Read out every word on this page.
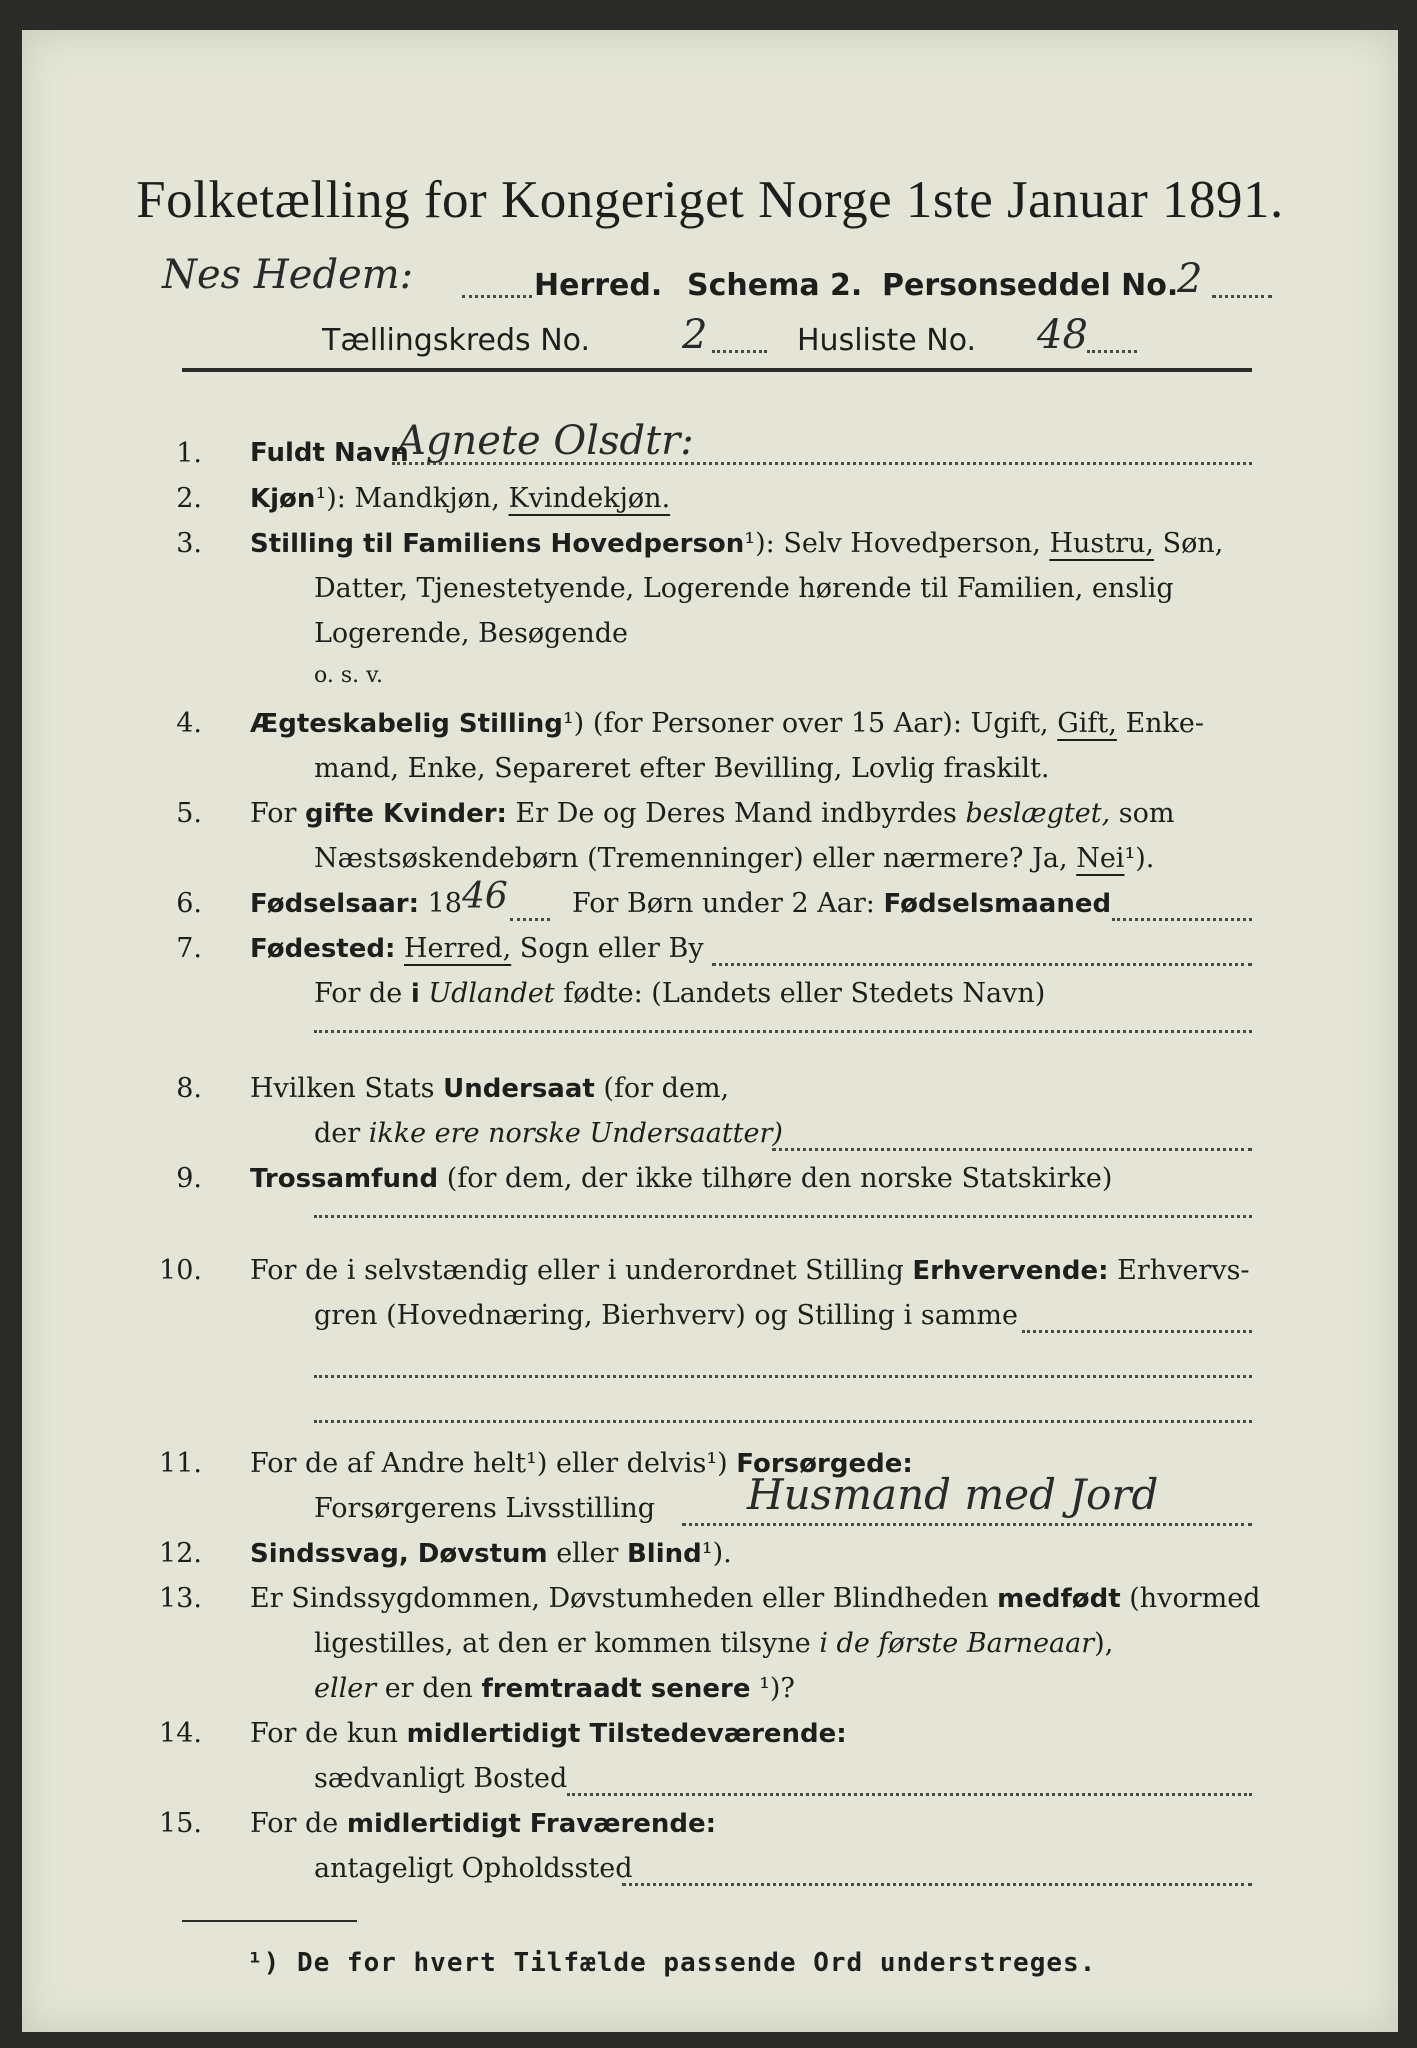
Folketælling for Kongeriget Norge 1ste Januar 1891.
Nes Hedem:	Herred. Schema 2. Personseddel No.
2
Tællingskreds No. 2	Husliste No. 48
1. Fuldt Navn
Agnete Olsdtr:
2. Kjøn¹): Mandkjøn, Kvindekjøn.
3. Stilling til Familiens Hovedperson¹): Selv Hovedperson, Hustru, Søn,
Datter, Tjenestetyende, Logerende hørende til Familien, enslig
Logerende, Besøgende
o. s. v.
4. Ægteskabelig Stilling¹) (for Personer over 15 Aar): Ugift, Gift, Enke-
mand, Enke, Separeret efter Bevilling, Lovlig fraskilt.
5. For gifte Kvinder: Er De og Deres Mand indbyrdes beslægtet, som
Næstsøskendebørn (Tremenninger) eller nærmere? Ja, Nei¹).
6. Fødselsaar: 18 46 For Børn under 2 Aar: Fødselsmaaned
7. Fødested: Herred, Sogn eller By
For de i Udlandet fødte: (Landets eller Stedets Navn)
8. Hvilken Stats Undersaat (for dem,
der ikke ere norske Undersaatter)
9. Trossamfund (for dem, der ikke tilhøre den norske Statskirke)
10. For de i selvstændig eller i underordnet Stilling Erhvervende: Erhvervs-
gren (Hovednæring, Bierhverv) og Stilling i samme
11. For de af Andre helt¹) eller delvis¹) Forsørgede:
Forsørgerens Livsstilling Husmand med Jord
12. Sindssvag, Døvstum eller Blind¹).
13. Er Sindssygdommen, Døvstumheden eller Blindheden medfødt (hvormed
ligestilles, at den er kommen tilsyne i de første Barneaar),
eller er den fremtraadt senere ¹)?
14. For de kun midlertidigt Tilstedeværende:
sædvanligt Bosted
15. For de midlertidigt Fraværende:
antageligt Opholdssted
¹) De for hvert Tilfælde passende Ord understreges.
